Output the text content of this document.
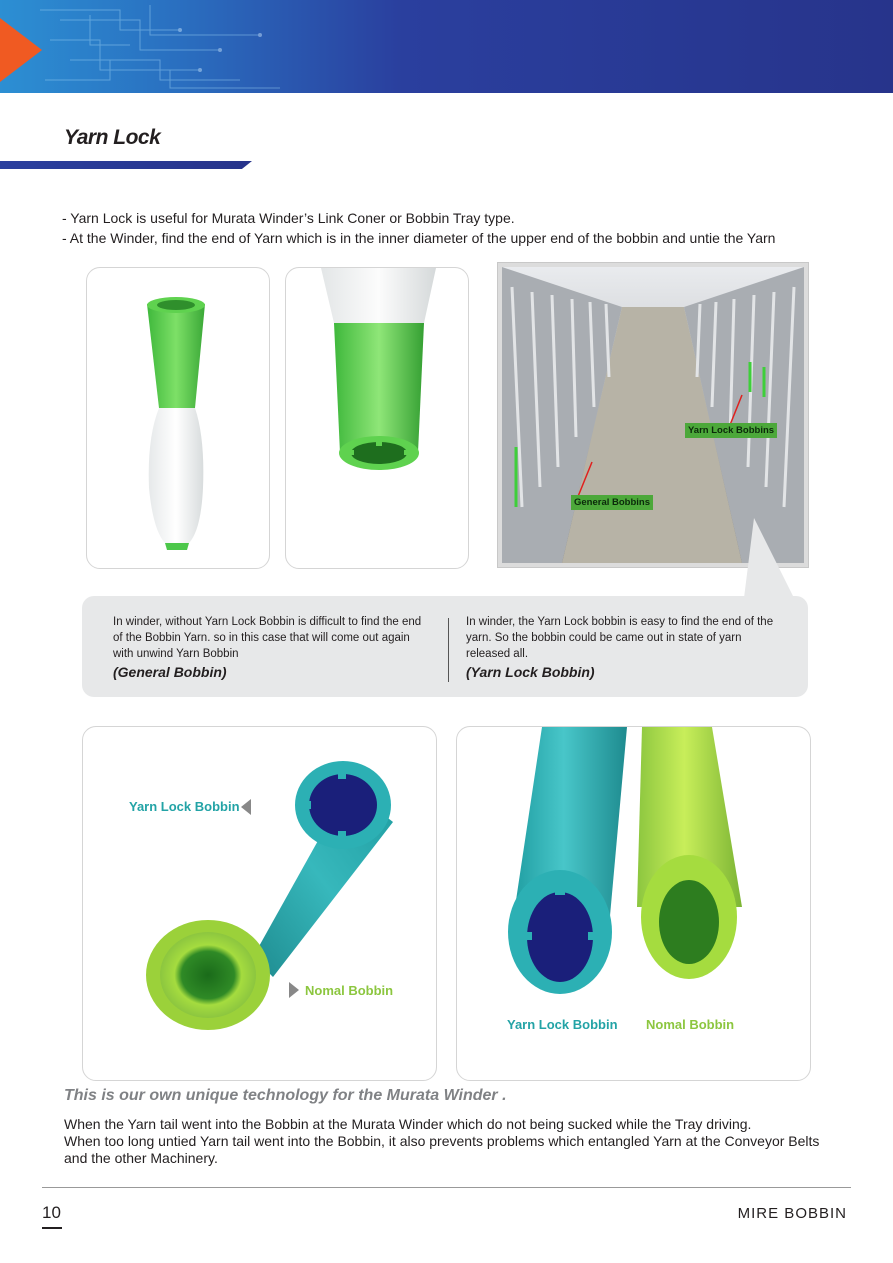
Yarn Lock
- Yarn Lock is useful for Murata Winder’s Link Coner or Bobbin Tray type.
- At the Winder, find the end of Yarn which is in the inner diameter of the upper end of the bobbin and untie the Yarn
Yarn Lock Bobbins
General Bobbins
In winder, without Yarn Lock Bobbin is difficult to find the end of the Bobbin Yarn. so in this case that will come out again with unwind Yarn Bobbin
(General Bobbin)
In winder, the Yarn Lock bobbin is easy to find the end of the yarn. So the bobbin could be came out in state of yarn released all.
(Yarn Lock Bobbin)
Yarn Lock Bobbin
Nomal Bobbin
Yarn Lock Bobbin Nomal Bobbin
This is our own unique technology for the Murata Winder .
When the Yarn tail went into the Bobbin at the Murata Winder which do not being sucked while the Tray driving.
When too long untied Yarn tail went into the Bobbin, it also prevents problems which entangled Yarn at the Conveyor Belts and the other Machinery.
10	MIRE BOBBIN
